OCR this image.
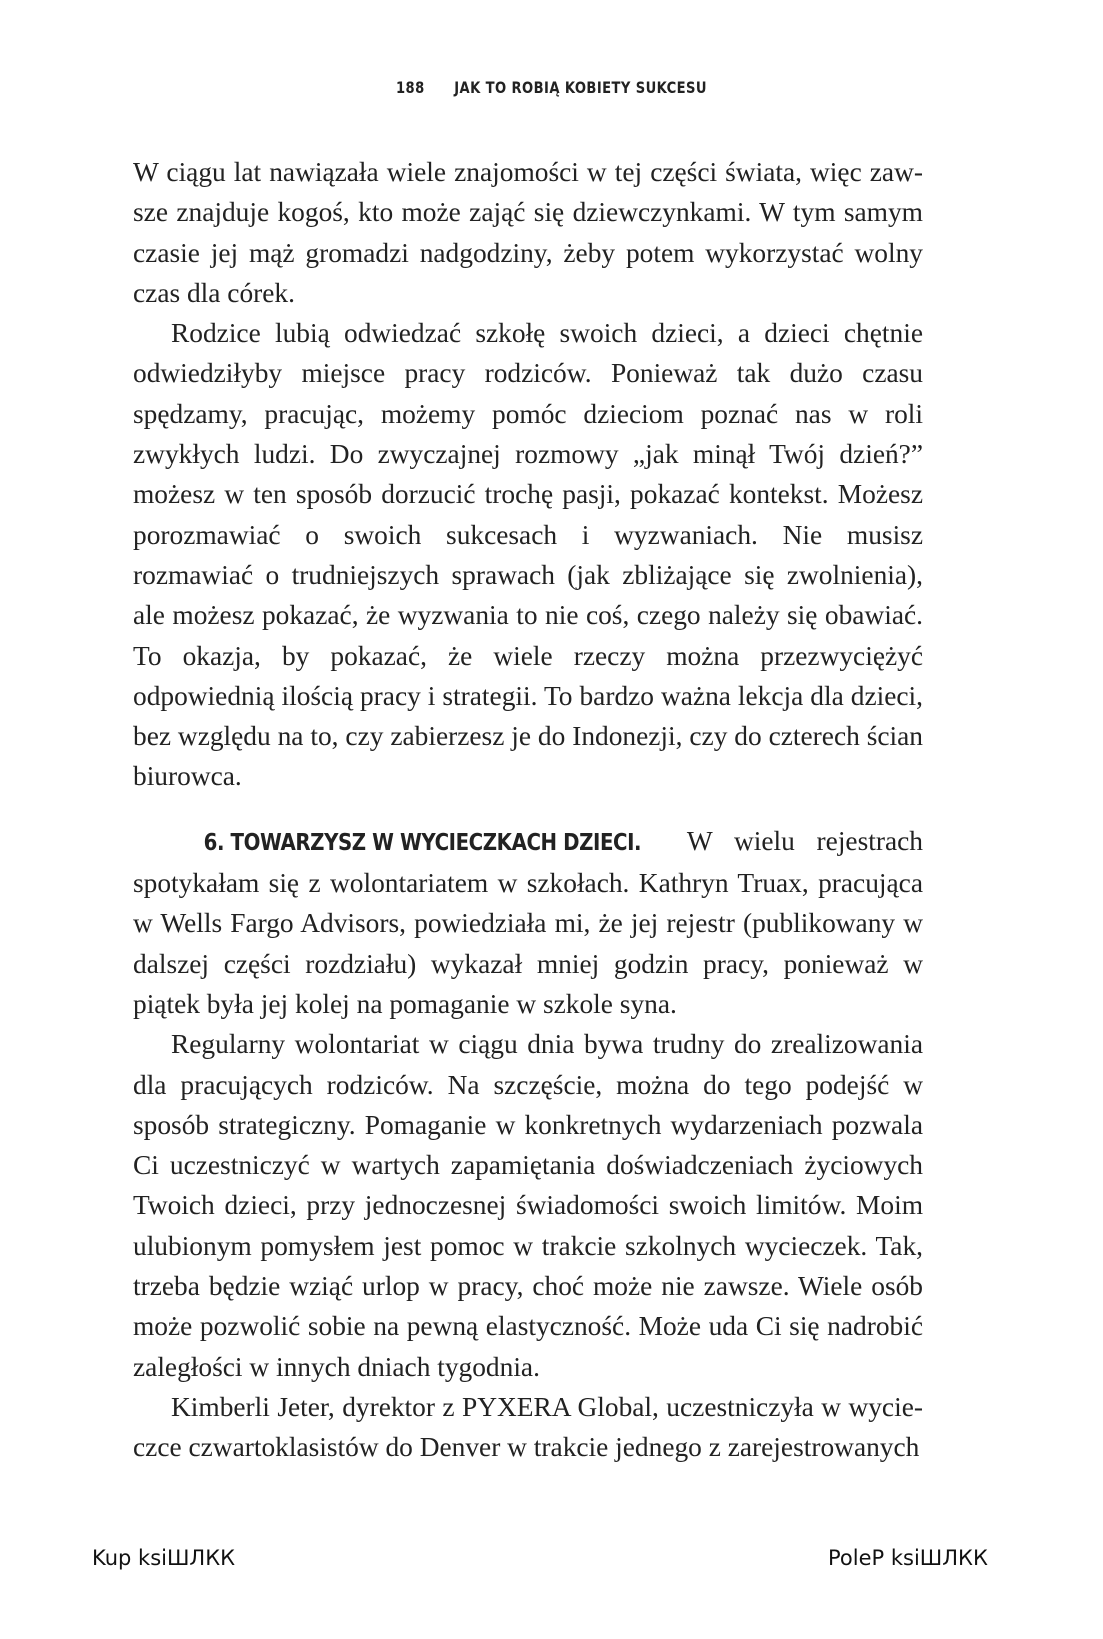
188 JAK TO ROBIĄ KOBIETY SUKCESU

W ciągu lat nawiązała wiele znajomości w tej części świata, więc zawsze znajduje kogoś, kto może zająć się dziewczynkami. W tym samym czasie jej mąż gromadzi nadgodziny, żeby potem wykorzystać wolny czas dla córek.

Rodzice lubią odwiedzać szkołę swoich dzieci, a dzieci chętnie odwiedziłyby miejsce pracy rodziców. Ponieważ tak dużo czasu spędzamy, pracując, możemy pomóc dzieciom poznać nas w roli zwykłych ludzi. Do zwyczajnej rozmowy „jak minął Twój dzień?” możesz w ten sposób dorzucić trochę pasji, pokazać kontekst. Możesz porozmawiać o swoich sukcesach i wyzwaniach. Nie musisz rozmawiać o trudniejszych sprawach (jak zbliżające się zwolnienia), ale możesz pokazać, że wyzwania to nie coś, czego należy się obawiać. To okazja, by pokazać, że wiele rzeczy można przezwyciężyć odpowiednią ilością pracy i strategii. To bardzo ważna lekcja dla dzieci, bez względu na to, czy zabierzesz je do Indonezji, czy do czterech ścian biurowca.

6. TOWARZYSZ W WYCIECZKACH DZIECI. W wielu rejestrach spotykałam się z wolontariatem w szkołach. Kathryn Truax, pracująca w Wells Fargo Advisors, powiedziała mi, że jej rejestr (publikowany w dalszej części rozdziału) wykazał mniej godzin pracy, ponieważ w piątek była jej kolej na pomaganie w szkole syna.

Regularny wolontariat w ciągu dnia bywa trudny do zrealizowania dla pracujących rodziców. Na szczęście, można do tego podejść w sposób strategiczny. Pomaganie w konkretnych wydarzeniach pozwala Ci uczestniczyć w wartych zapamiętania doświadczeniach życiowych Twoich dzieci, przy jednoczesnej świadomości swoich limitów. Moim ulubionym pomysłem jest pomoc w trakcie szkolnych wycieczek. Tak, trzeba będzie wziąć urlop w pracy, choć może nie zawsze. Wiele osób może pozwolić sobie na pewną elastyczność. Może uda Ci się nadrobić zaległości w innych dniach tygodnia.

Kimberli Jeter, dyrektor z PYXERA Global, uczestniczyła w wycieczce czwartoklasistów do Denver w trakcie jednego z zarejestrowanych

Kup ksiШЛКК	PoleР ksiШЛКК
